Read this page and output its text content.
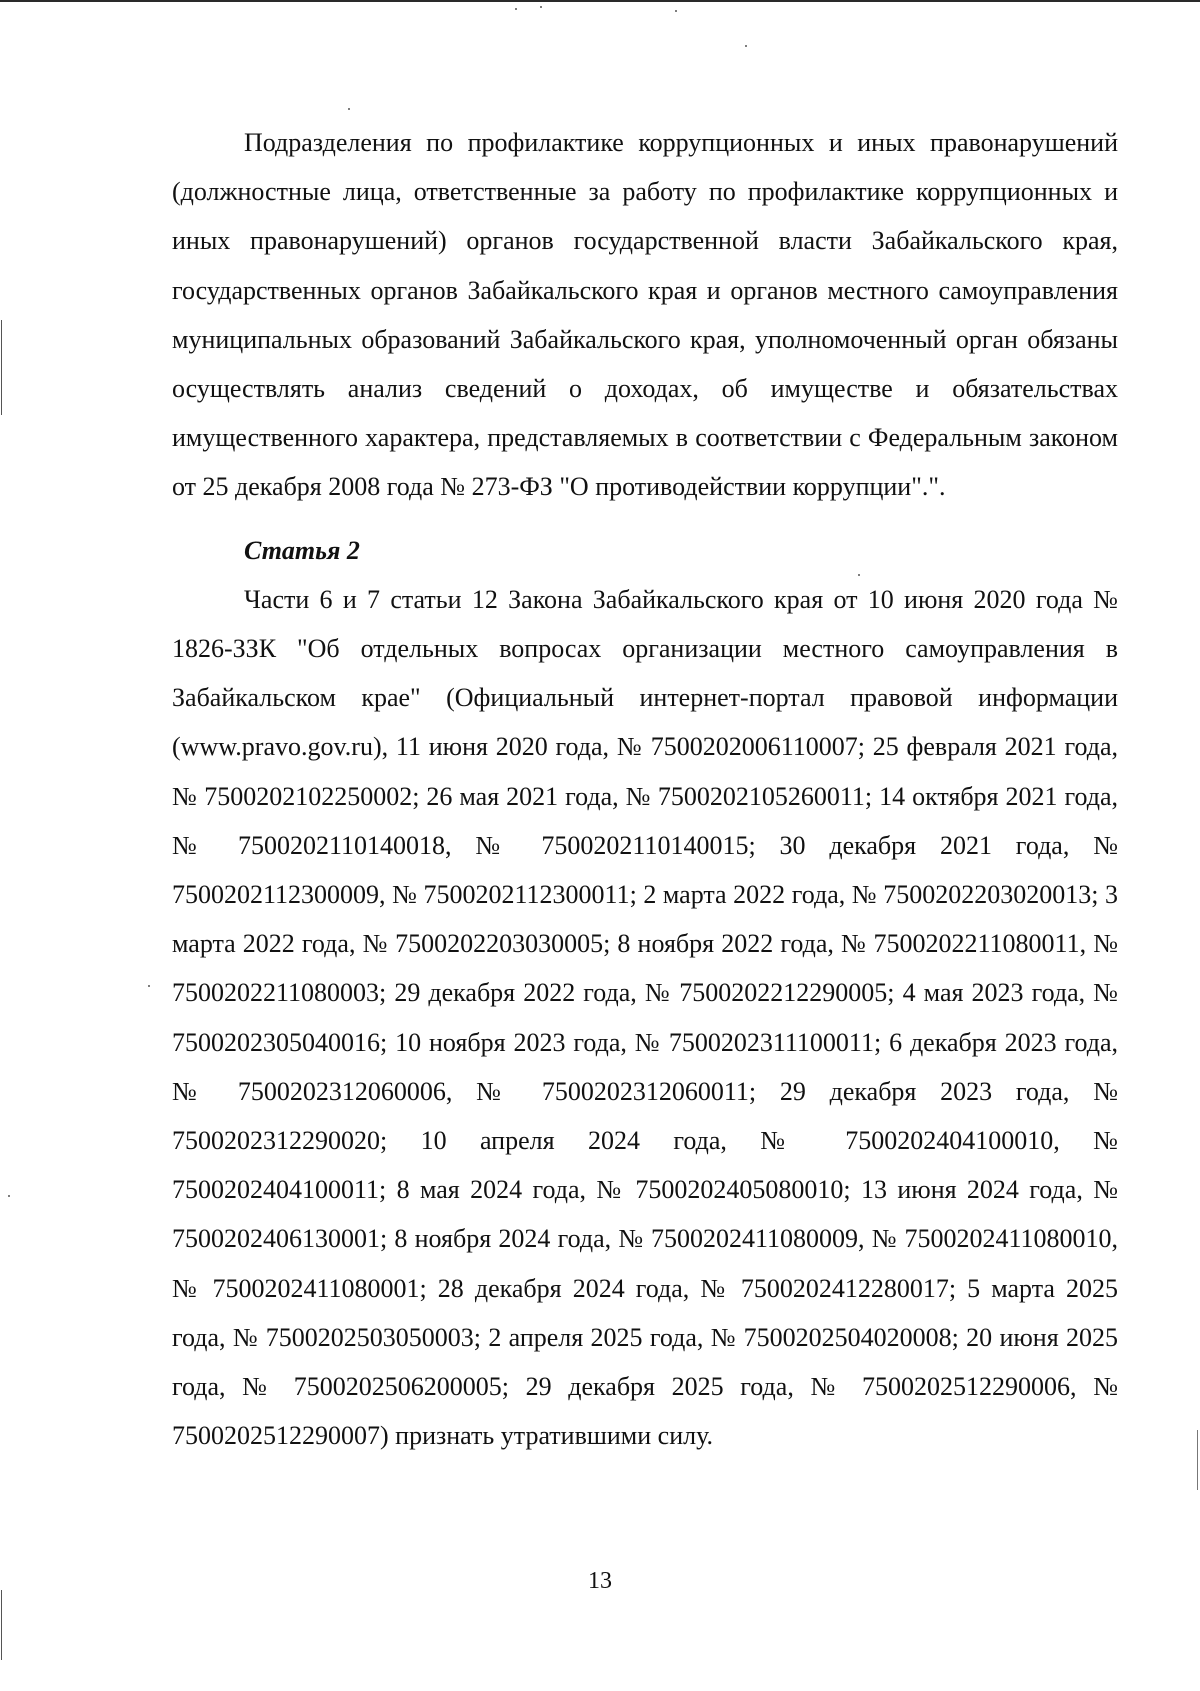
Подразделения по профилактике коррупционных и иных правонарушений (должностные лица, ответственные за работу по профилактике коррупционных и иных правонарушений) органов государственной власти Забайкальского края, государственных органов Забайкальского края и органов местного самоуправления муниципальных образований Забайкальского края, уполномоченный орган обязаны осуществлять анализ сведений о доходах, об имуществе и обязательствах имущественного характера, представляемых в соответствии с Федеральным законом от 25 декабря 2008 года № 273-ФЗ "О противодействии коррупции".".

Статья 2

Части 6 и 7 статьи 12 Закона Забайкальского края от 10 июня 2020 года № 1826-ЗЗК "Об отдельных вопросах организации местного самоуправления в Забайкальском крае" (Официальный интернет-портал правовой информации (www.pravo.gov.ru), 11 июня 2020 года, № 7500202006110007; 25 февраля 2021 года, № 7500202102250002; 26 мая 2021 года, № 7500202105260011; 14 октября 2021 года, № 7500202110140018, № 7500202110140015; 30 декабря 2021 года, № 7500202112300009, № 7500202112300011; 2 марта 2022 года, № 7500202203020013; 3 марта 2022 года, № 7500202203030005; 8 ноября 2022 года, № 7500202211080011, № 7500202211080003; 29 декабря 2022 года, № 7500202212290005; 4 мая 2023 года, № 7500202305040016; 10 ноября 2023 года, № 7500202311100011; 6 декабря 2023 года, № 7500202312060006, № 7500202312060011; 29 декабря 2023 года, № 7500202312290020; 10 апреля 2024 года, № 7500202404100010, № 7500202404100011; 8 мая 2024 года, № 7500202405080010; 13 июня 2024 года, № 7500202406130001; 8 ноября 2024 года, № 7500202411080009, № 7500202411080010, № 7500202411080001; 28 декабря 2024 года, № 7500202412280017; 5 марта 2025 года, № 7500202503050003; 2 апреля 2025 года, № 7500202504020008; 20 июня 2025 года, № 7500202506200005; 29 декабря 2025 года, № 7500202512290006, № 7500202512290007) признать утратившими силу.

13
